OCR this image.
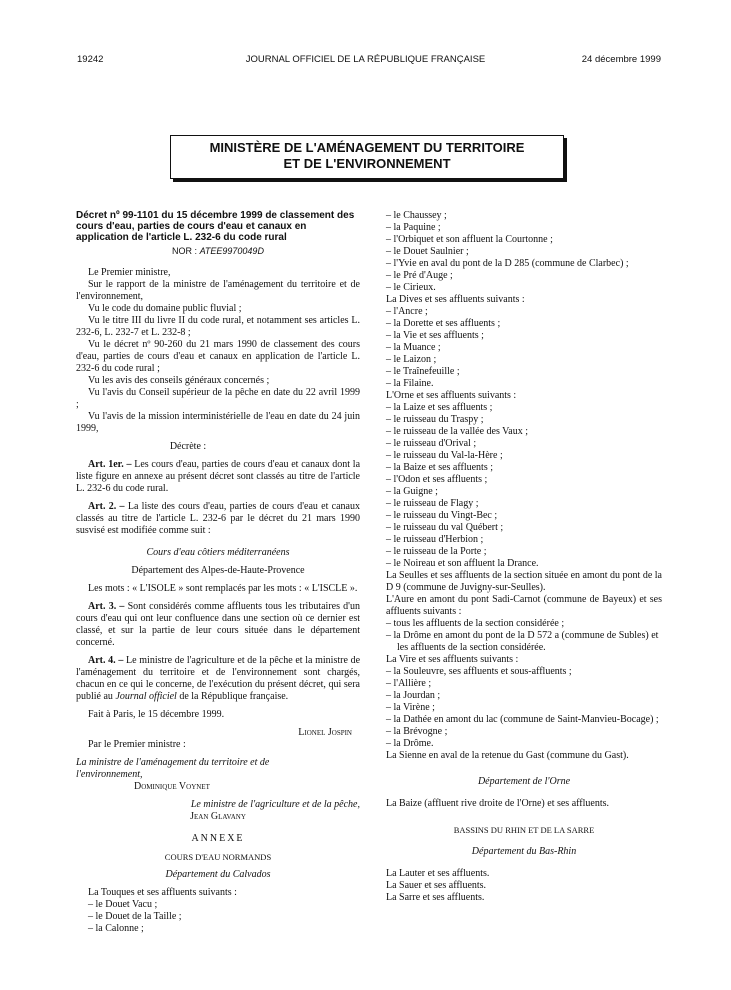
19242	JOURNAL OFFICIEL DE LA RÉPUBLIQUE FRANÇAISE	24 décembre 1999
MINISTÈRE DE L'AMÉNAGEMENT DU TERRITOIRE
ET DE L'ENVIRONNEMENT

Décret nº 99-1101 du 15 décembre 1999 de classement des cours d'eau, parties de cours d'eau et canaux en application de l'article L. 232-6 du code rural

NOR : ATEE9970049D

Le Premier ministre,

Sur le rapport de la ministre de l'aménagement du territoire et de l'environnement,

Vu le code du domaine public fluvial ;

Vu le titre III du livre II du code rural, et notamment ses articles L. 232-6, L. 232-7 et L. 232-8 ;

Vu le décret nº 90-260 du 21 mars 1990 de classement des cours d'eau, parties de cours d'eau et canaux en application de l'article L. 232-6 du code rural ;

Vu les avis des conseils généraux concernés ;

Vu l'avis du Conseil supérieur de la pêche en date du 22 avril 1999 ;

Vu l'avis de la mission interministérielle de l'eau en date du 24 juin 1999,

Décrète :

Art. 1er. – Les cours d'eau, parties de cours d'eau et canaux dont la liste figure en annexe au présent décret sont classés au titre de l'article L. 232-6 du code rural.

Art. 2. – La liste des cours d'eau, parties de cours d'eau et canaux classés au titre de l'article L. 232-6 par le décret du 21 mars 1990 susvisé est modifiée comme suit :

Cours d'eau côtiers méditerranéens

Département des Alpes-de-Haute-Provence

Les mots : « L'ISOLE » sont remplacés par les mots : « L'ISCLE ».

Art. 3. – Sont considérés comme affluents tous les tributaires d'un cours d'eau qui ont leur confluence dans une section où ce dernier est classé, et sur la partie de leur cours située dans le département concerné.

Art. 4. – Le ministre de l'agriculture et de la pêche et la ministre de l'aménagement du territoire et de l'environnement sont chargés, chacun en ce qui le concerne, de l'exécution du présent décret, qui sera publié au Journal officiel de la République française.

Fait à Paris, le 15 décembre 1999.

Lionel Jospin

Par le Premier ministre :

La ministre de l'aménagement du territoire et de l'environnement,

Dominique Voynet

Le ministre de l'agriculture et de la pêche,

Jean Glavany

ANNEXE

COURS D'EAU NORMANDS

Département du Calvados

La Touques et ses affluents suivants :

– le Douet Vacu ;

– le Douet de la Taille ;

– la Calonne ;

– le Chaussey ;

– la Paquine ;

– l'Orbiquet et son affluent la Courtonne ;

– le Douet Saulnier ;

– l'Yvie en aval du pont de la D 285 (commune de Clarbec) ;

– le Pré d'Auge ;

– le Cirieux.

La Dives et ses affluents suivants :

– l'Ancre ;

– la Dorette et ses affluents ;

– la Vie et ses affluents ;

– la Muance ;

– le Laizon ;

– le Traînefeuille ;

– la Filaine.

L'Orne et ses affluents suivants :

– la Laize et ses affluents ;

– le ruisseau du Traspy ;

– le ruisseau de la vallée des Vaux ;

– le ruisseau d'Orival ;

– le ruisseau du Val-la-Hère ;

– la Baize et ses affluents ;

– l'Odon et ses affluents ;

– la Guigne ;

– le ruisseau de Flagy ;

– le ruisseau du Vingt-Bec ;

– le ruisseau du val Québert ;

– le ruisseau d'Herbion ;

– le ruisseau de la Porte ;

– le Noireau et son affluent la Drance.

La Seulles et ses affluents de la section située en amont du pont de la D 9 (commune de Juvigny-sur-Seulles).

L'Aure en amont du pont Sadi-Carnot (commune de Bayeux) et ses affluents suivants :

– tous les affluents de la section considérée ;

– la Drôme en amont du pont de la D 572 a (commune de Subles) et les affluents de la section considérée.

La Vire et ses affluents suivants :

– la Souleuvre, ses affluents et sous-affluents ;

– l'Allière ;

– la Jourdan ;

– la Virène ;

– la Dathée en amont du lac (commune de Saint-Manvieu-Bocage) ;

– la Brévogne ;

– la Drôme.

La Sienne en aval de la retenue du Gast (commune du Gast).

Département de l'Orne

La Baize (affluent rive droite de l'Orne) et ses affluents.

BASSINS DU RHIN ET DE LA SARRE

Département du Bas-Rhin

La Lauter et ses affluents.

La Sauer et ses affluents.

La Sarre et ses affluents.
